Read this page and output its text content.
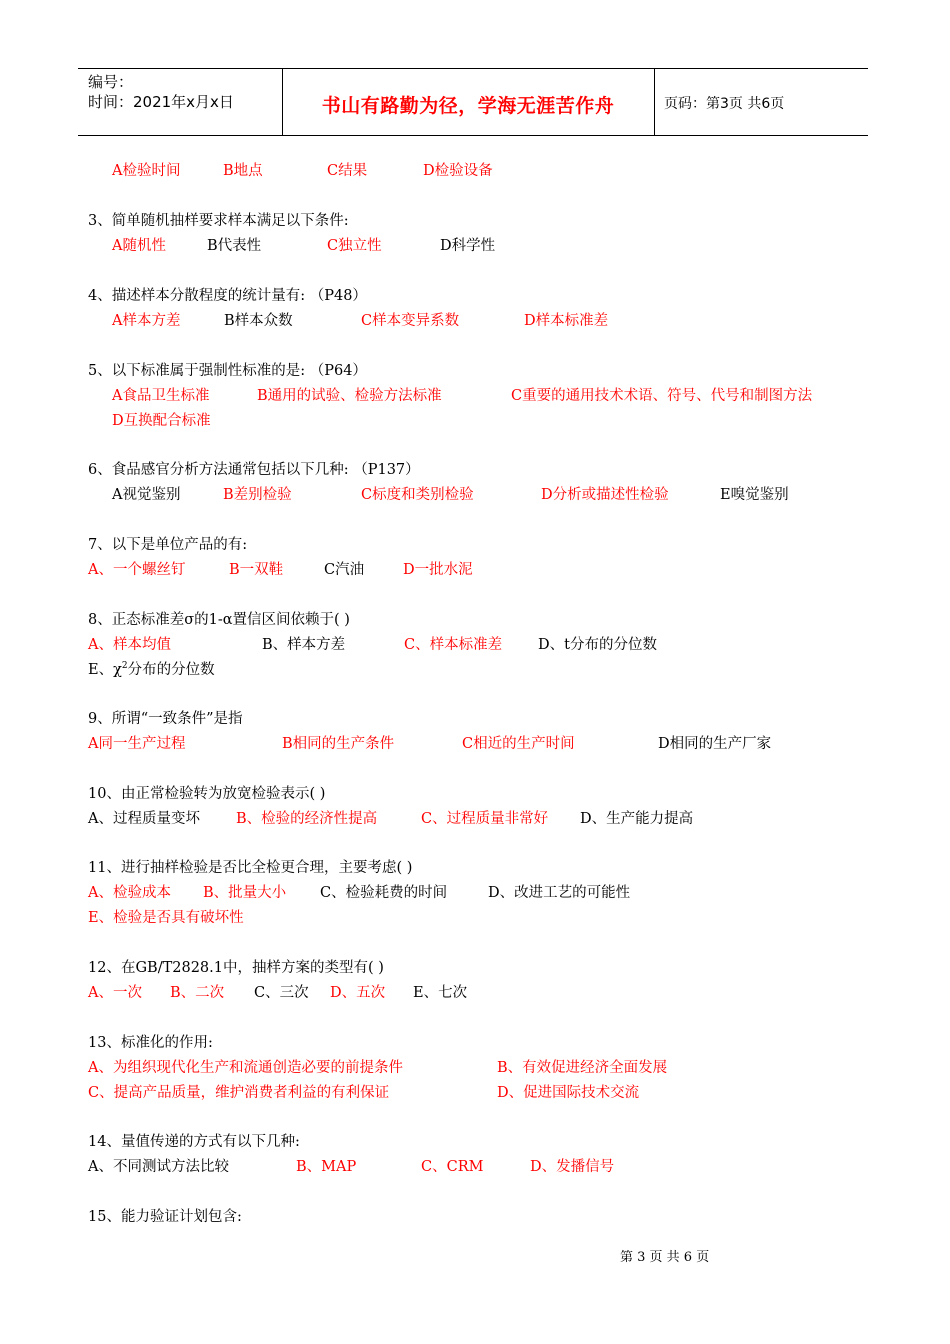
编号：
时间：2021年x月x日	书山有路勤为径，学海无涯苦作舟	页码：第3页 共6页
A检验时间	B地点	C结果	D检验设备
3、简单随机抽样要求样本满足以下条件:
A随机性	B代表性	C独立性	D科学性
4、描述样本分散程度的统计量有: （P48）
A样本方差	B样本众数	C样本变异系数	D样本标准差
5、以下标准属于强制性标准的是: （P64）
A食品卫生标准	B通用的试验、检验方法标准	C重要的通用技术术语、符号、代号和制图方法
D互换配合标准
6、食品感官分析方法通常包括以下几种: （P137）
A视觉鉴别	B差别检验	C标度和类别检验	D分析或描述性检验	E嗅觉鉴别
7、以下是单位产品的有:
A、一个螺丝钉	B一双鞋	C汽油	D一批水泥
8、正态标准差σ的1-α置信区间依赖于( )
A、样本均值	B、样本方差	C、样本标准差 D、t分布的分位数
E、$\chi^2$分布的分位数
9、所谓“一致条件”是指
A同一生产过程	B相同的生产条件	C相近的生产时间	D相同的生产厂家
10、由正常检验转为放宽检验表示( )
A、过程质量变坏 B、检验的经济性提高	C、过程质量非常好 D、生产能力提高
11、进行抽样检验是否比全检更合理，主要考虑( )
A、检验成本 B、批量大小 C、检验耗费的时间	D、改进工艺的可能性
E、检验是否具有破坏性
12、在GB/T2828.1中，抽样方案的类型有( )
A、一次 B、二次 C、三次 D、五次 E、七次
13、标准化的作用:
A、为组织现代化生产和流通创造必要的前提条件	B、有效促进经济全面发展
C、提高产品质量，维护消费者利益的有利保证	D、促进国际技术交流
14、量值传递的方式有以下几种:
A、不同测试方法比较	B、MAP	C、CRM	D、发播信号
15、能力验证计划包含:
第 3 页 共 6 页
